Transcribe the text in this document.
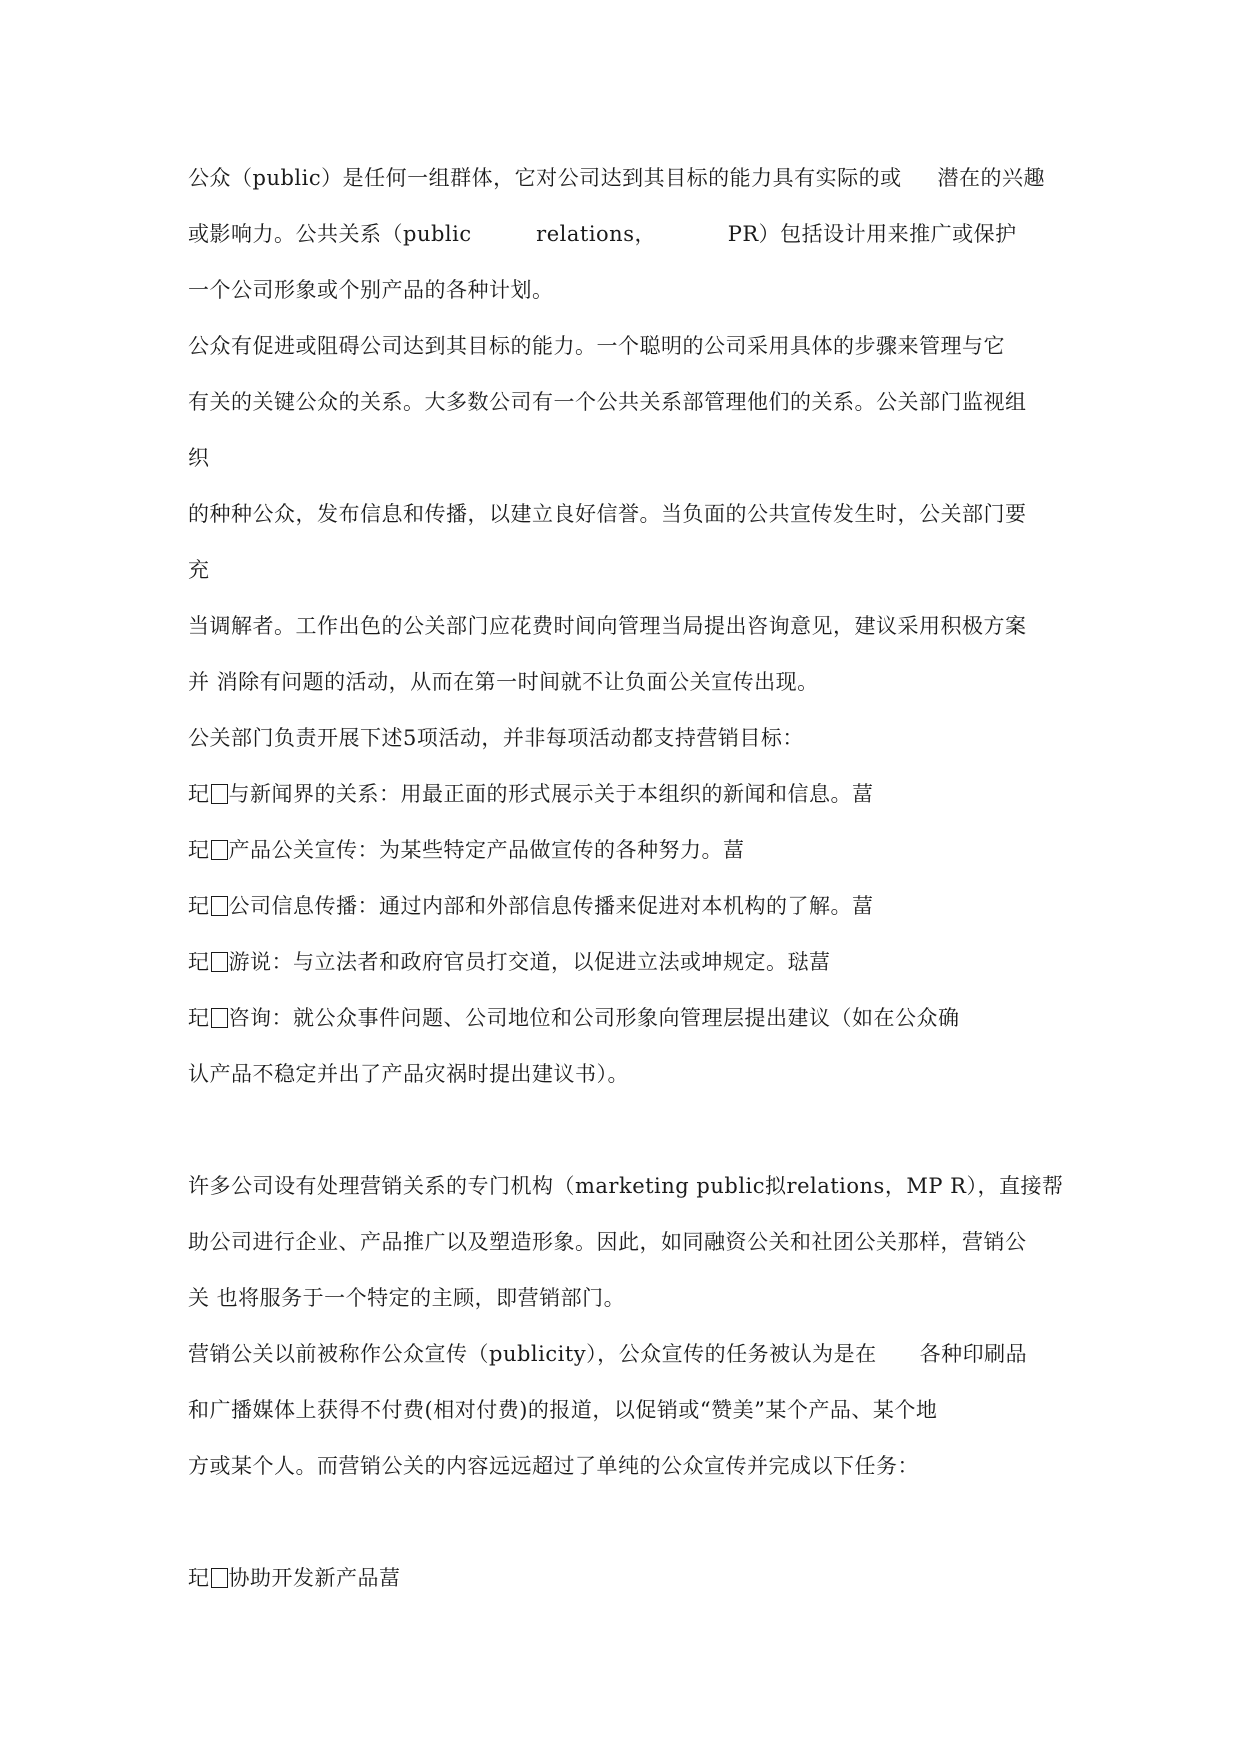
公众（public）是任何一组群体，它对公司达到其目标的能力具有实际的或     潜在的兴趣
或影响力。公共关系（public         relations，          PR）包括设计用来推广或保护
一个公司形象或个别产品的各种计划。
公众有促进或阻碍公司达到其目标的能力。一个聪明的公司采用具体的步骤来管理与它
有关的关键公众的关系。大多数公司有一个公共关系部管理他们的关系。公关部门监视组
织
的种种公众，发布信息和传播，以建立良好信誉。当负面的公共宣传发生时，公关部门要
充
当调解者。工作出色的公关部门应花费时间向管理当局提出咨询意见，建议采用积极方案
并 消除有问题的活动，从而在第一时间就不让负面公关宣传出现。
公关部门负责开展下述5项活动，并非每项活动都支持营销目标：
玘 与新闻界的关系：用最正面的形式展示关于本组织的新闻和信息。葍
玘 产品公关宣传：为某些特定产品做宣传的各种努力。葍
玘 公司信息传播：通过内部和外部信息传播来促进对本机构的了解。葍
玘 游说：与立法者和政府官员打交道，以促进立法或坤规定。琺葍
玘 咨询：就公众事件问题、公司地位和公司形象向管理层提出建议（如在公众确
认产品不稳定并出了产品灾祸时提出建议书）。
许多公司设有处理营销关系的专门机构（marketing public拟relations，MP R），直接帮
助公司进行企业、产品推广以及塑造形象。因此，如同融资公关和社团公关那样，营销公
关 也将服务于一个特定的主顾，即营销部门。
营销公关以前被称作公众宣传（publicity），公众宣传的任务被认为是在      各种印刷品
和广播媒体上获得不付费(相对付费)的报道，以促销或“赞美”某个产品、某个地
方或某个人。而营销公关的内容远远超过了单纯的公众宣传并完成以下任务：
玘 协助开发新产品葍
